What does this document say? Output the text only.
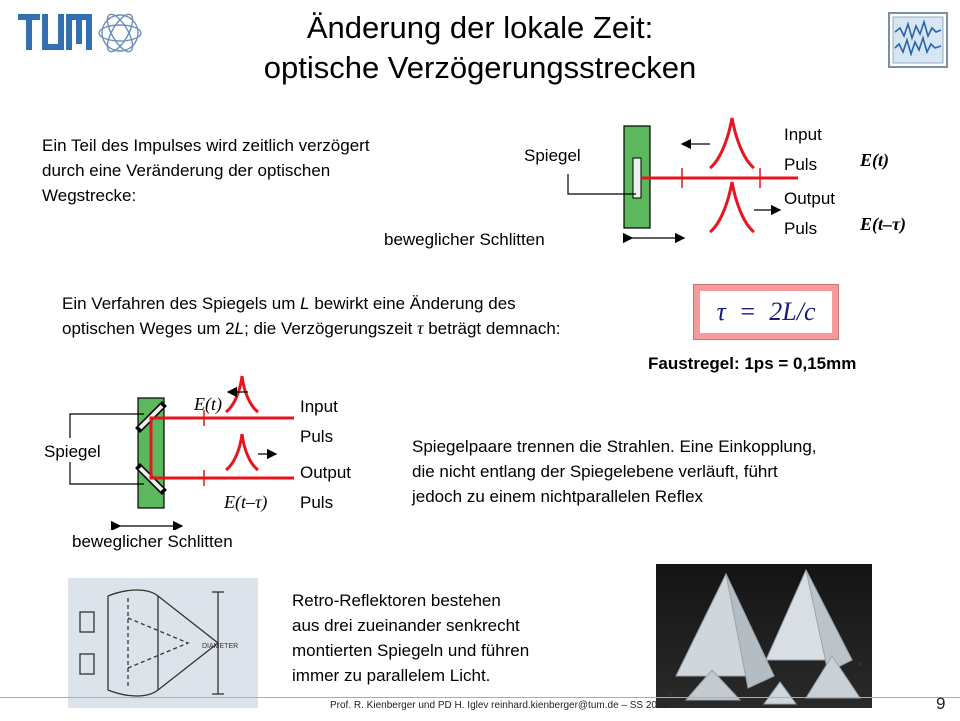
Änderung der lokale Zeit:
optische Verzögerungsstrecken
Ein Teil des Impulses wird zeitlich verzögert
durch eine Veränderung der optischen
Wegstrecke:
Spiegel
beweglicher Schlitten
Input
Puls
Output
Puls
E(t)
E(t–τ)
Ein Verfahren des Spiegels um L bewirkt eine Änderung des
optischen Weges um 2L; die Verzögerungszeit τ beträgt demnach:
τ  =  2L/c
Faustregel: 1ps = 0,15mm
Spiegel
beweglicher Schlitten
E(t)
E(t–τ)
Input
Puls
Output
Puls
Spiegelpaare trennen die Strahlen. Eine Einkopplung,
die nicht entlang der Spiegelebene verläuft, führt
jedoch zu einem nichtparallelen Reflex
DIAMETER
Retro-Reflektoren bestehen
aus drei zueinander senkrecht
montierten Spiegeln und führen
immer zu parallelem Licht.
Prof. R. Kienberger und PD H. Iglev reinhard.kienberger@tum.de – SS 2015	9
